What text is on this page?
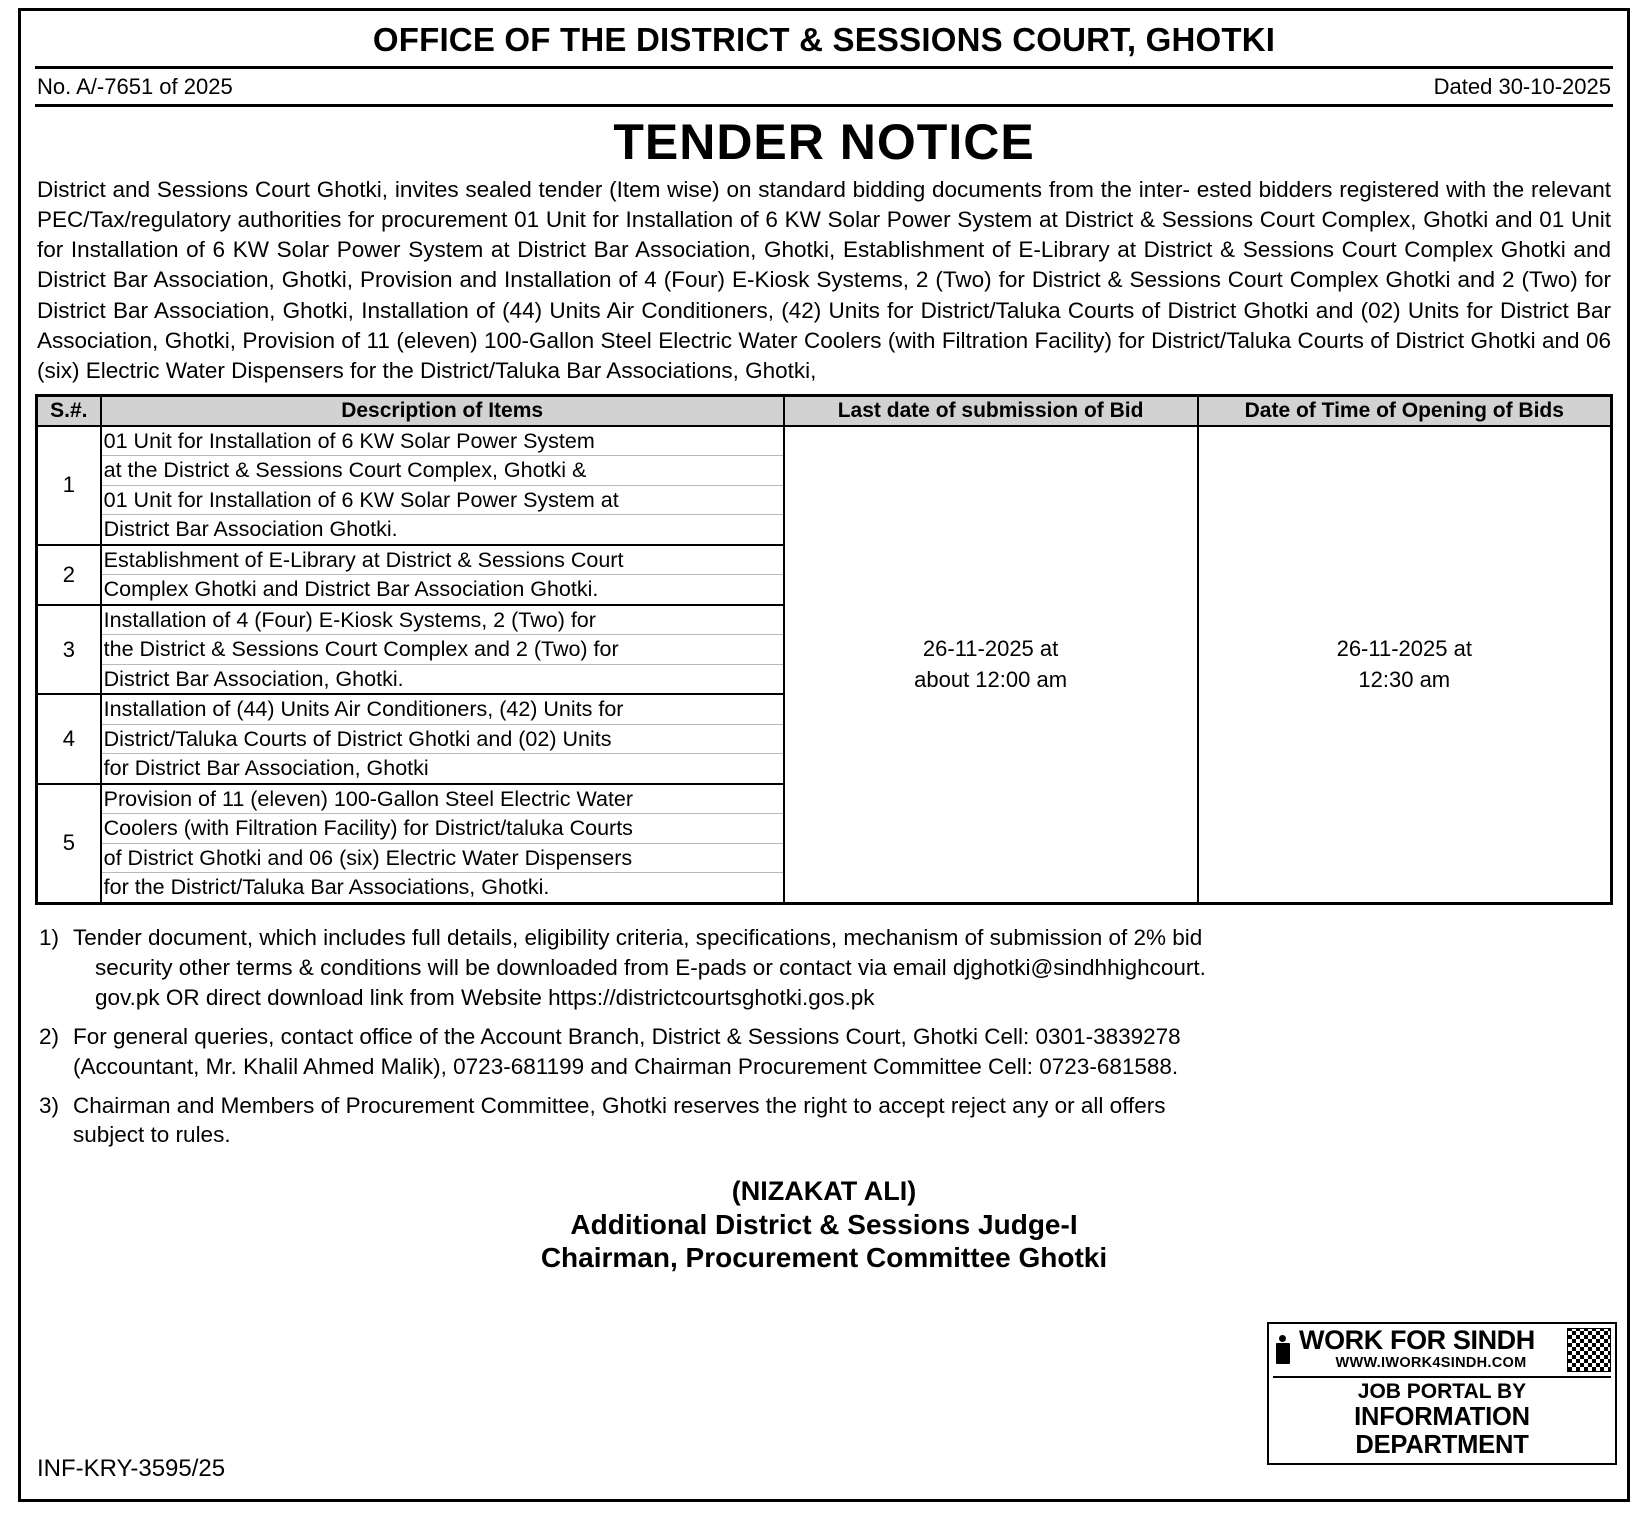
OFFICE OF THE DISTRICT & SESSIONS COURT, GHOTKI
No. A/-7651 of 2025	Dated 30-10-2025
TENDER NOTICE
District and Sessions Court Ghotki, invites sealed tender (Item wise) on standard bidding documents from the inter- ested bidders registered with the relevant PEC/Tax/regulatory authorities for procurement 01 Unit for Installation of 6 KW Solar Power System at District & Sessions Court Complex, Ghotki and 01 Unit for Installation of 6 KW Solar Power System at District Bar Association, Ghotki, Establishment of E-Library at District & Sessions Court Complex Ghotki and District Bar Association, Ghotki, Provision and Installation of 4 (Four) E-Kiosk Systems, 2 (Two) for District & Sessions Court Complex Ghotki and 2 (Two) for District Bar Association, Ghotki, Installation of (44) Units Air Conditioners, (42) Units for District/Taluka Courts of District Ghotki and (02) Units for District Bar Association, Ghotki, Provision of 11 (eleven) 100-Gallon Steel Electric Water Coolers (with Filtration Facility) for District/Taluka Courts of District Ghotki and 06 (six) Electric Water Dispensers for the District/Taluka Bar Associations, Ghotki,
S.#.	Description of Items	Last date of submission of Bid	Date of Time of Opening of Bids
1	
01 Unit for Installation of 6 KW Solar Power System
at the District & Sessions Court Complex, Ghotki &
01 Unit for Installation of 6 KW Solar Power System at
District Bar Association Ghotki.

26-11-2025 at
about 12:00 am

26-11-2025 at
12:30 am

2	Establishment of E-Library at District & Sessions Court
Complex Ghotki and District Bar Association Ghotki.		

3	Installation of 4 (Four) E-Kiosk Systems, 2 (Two) for
the District & Sessions Court Complex and 2 (Two) for
District Bar Association, Ghotki.		

4	Installation of (44) Units Air Conditioners, (42) Units for
District/Taluka Courts of District Ghotki and (02) Units
for District Bar Association, Ghotki		

5	Provision of 11 (eleven) 100-Gallon Steel Electric Water
Coolers (with Filtration Facility) for District/taluka Courts
of District Ghotki and 06 (six) Electric Water Dispensers
for the District/Taluka Bar Associations, Ghotki.		
1) Tender document, which includes full details, eligibility criteria, specifications, mechanism of submission of 2% bid
security other terms & conditions will be downloaded from E-pads or contact via email djghotki@sindhhighcourt.
gov.pk OR direct download link from Website https://districtcourtsghotki.gos.pk
2) For general queries, contact office of the Account Branch, District & Sessions Court, Ghotki Cell: 0301-3839278
(Accountant, Mr. Khalil Ahmed Malik), 0723-681199 and Chairman Procurement Committee Cell: 0723-681588.
3) Chairman and Members of Procurement Committee, Ghotki reserves the right to accept reject any or all offers
subject to rules.
(NIZAKAT ALI)
Additional District & Sessions Judge-I
Chairman, Procurement Committee Ghotki
WORK FOR SINDH
WWW.IWORK4SINDH.COM
JOB PORTAL BY
INFORMATION DEPARTMENT
INF-KRY-3595/25
